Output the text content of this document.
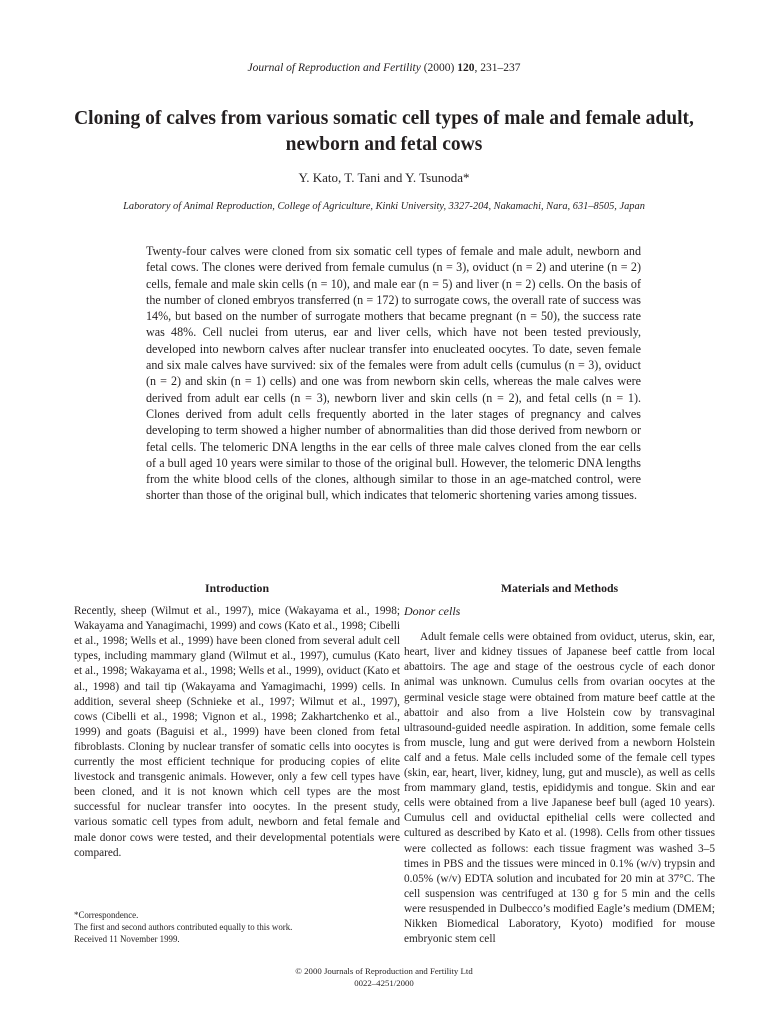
Journal of Reproduction and Fertility (2000) 120, 231–237
Cloning of calves from various somatic cell types of male and female adult, newborn and fetal cows
Y. Kato, T. Tani and Y. Tsunoda*
Laboratory of Animal Reproduction, College of Agriculture, Kinki University, 3327-204, Nakamachi, Nara, 631–8505, Japan

Twenty-four calves were cloned from six somatic cell types of female and male adult, newborn and fetal cows. The clones were derived from female cumulus (n = 3), oviduct (n = 2) and uterine (n = 2) cells, female and male skin cells (n = 10), and male ear (n = 5) and liver (n = 2) cells. On the basis of the number of cloned embryos transferred (n = 172) to surrogate cows, the overall rate of success was 14%, but based on the number of surrogate mothers that became pregnant (n = 50), the success rate was 48%. Cell nuclei from uterus, ear and liver cells, which have not been tested previously, developed into newborn calves after nuclear transfer into enucleated oocytes. To date, seven female and six male calves have survived: six of the females were from adult cells (cumulus (n = 3), oviduct (n = 2) and skin (n = 1) cells) and one was from newborn skin cells, whereas the male calves were derived from adult ear cells (n = 3), newborn liver and skin cells (n = 2), and fetal cells (n = 1). Clones derived from adult cells frequently aborted in the later stages of pregnancy and calves developing to term showed a higher number of abnormalities than did those derived from newborn or fetal cells. The telomeric DNA lengths in the ear cells of three male calves cloned from the ear cells of a bull aged 10 years were similar to those of the original bull. However, the telomeric DNA lengths from the white blood cells of the clones, although similar to those in an age-matched control, were shorter than those of the original bull, which indicates that telomeric shortening varies among tissues.

Introduction

Recently, sheep (Wilmut et al., 1997), mice (Wakayama et al., 1998; Wakayama and Yanagimachi, 1999) and cows (Kato et al., 1998; Cibelli et al., 1998; Wells et al., 1999) have been cloned from several adult cell types, including mammary gland (Wilmut et al., 1997), cumulus (Kato et al., 1998; Wakayama et al., 1998; Wells et al., 1999), oviduct (Kato et al., 1998) and tail tip (Wakayama and Yamagimachi, 1999) cells. In addition, several sheep (Schnieke et al., 1997; Wilmut et al., 1997), cows (Cibelli et al., 1998; Vignon et al., 1998; Zakhartchenko et al., 1999) and goats (Baguisi et al., 1999) have been cloned from fetal fibroblasts. Cloning by nuclear transfer of somatic cells into oocytes is currently the most efficient technique for producing copies of elite livestock and transgenic animals. However, only a few cell types have been cloned, and it is not known which cell types are the most successful for nuclear transfer into oocytes. In the present study, various somatic cell types from adult, newborn and fetal female and male donor cows were tested, and their developmental potentials were compared.

Materials and Methods
Donor cells

Adult female cells were obtained from oviduct, uterus, skin, ear, heart, liver and kidney tissues of Japanese beef cattle from local abattoirs. The age and stage of the oestrous cycle of each donor animal was unknown. Cumulus cells from ovarian oocytes at the germinal vesicle stage were obtained from mature beef cattle at the abattoir and also from a live Holstein cow by transvaginal ultrasound-guided needle aspiration. In addition, some female cells from muscle, lung and gut were derived from a newborn Holstein calf and a fetus. Male cells included some of the female cell types (skin, ear, heart, liver, kidney, lung, gut and muscle), as well as cells from mammary gland, testis, epididymis and tongue. Skin and ear cells were obtained from a live Japanese beef bull (aged 10 years). Cumulus cell and oviductal epithelial cells were collected and cultured as described by Kato et al. (1998). Cells from other tissues were collected as follows: each tissue fragment was washed 3–5 times in PBS and the tissues were minced in 0.1% (w/v) trypsin and 0.05% (w/v) EDTA solution and incubated for 20 min at 37°C. The cell suspension was centrifuged at 130 g for 5 min and the cells were resuspended in Dulbecco’s modified Eagle’s medium (DMEM; Nikken Biomedical Laboratory, Kyoto) modified for mouse embryonic stem cell

*Correspondence.
The first and second authors contributed equally to this work.
Received 11 November 1999.
© 2000 Journals of Reproduction and Fertility Ltd
0022–4251/2000
